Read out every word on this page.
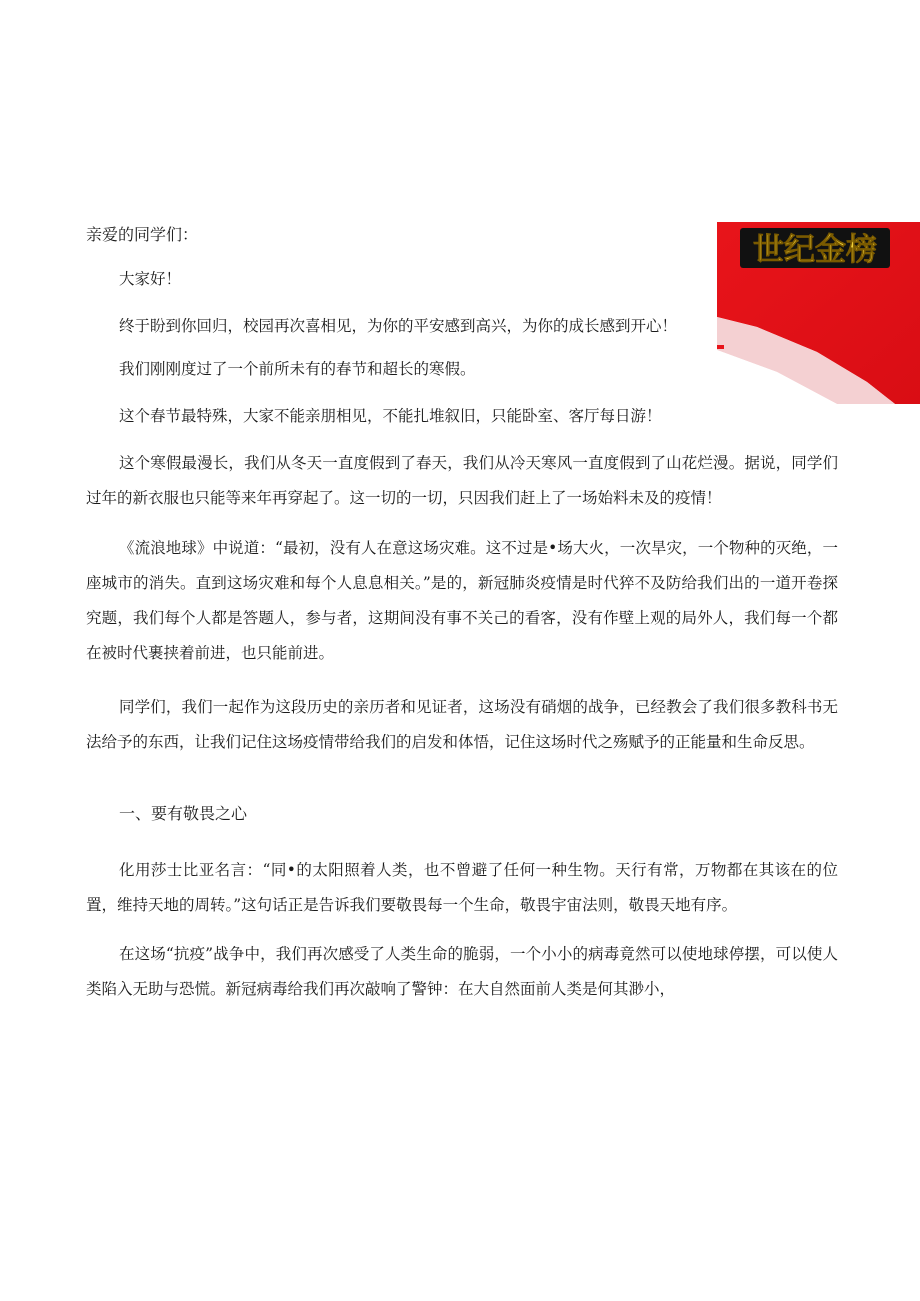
世纪金榜

亲爱的同学们：

大家好！

终于盼到你回归，校园再次喜相见，为你的平安感到高兴，为你的成长感到开心！

我们刚刚度过了一个前所未有的春节和超长的寒假。

这个春节最特殊，大家不能亲朋相见，不能扎堆叙旧，只能卧室、客厅每日游！

这个寒假最漫长，我们从冬天一直度假到了春天，我们从冷天寒风一直度假到了山花烂漫。据说，同学们过年的新衣服也只能等来年再穿起了。这一切的一切，只因我们赶上了一场始料未及的疫情！

《流浪地球》中说道：“最初，没有人在意这场灾难。这不过是•场大火，一次旱灾，一个物种的灭绝，一座城市的消失。直到这场灾难和每个人息息相关。”是的，新冠肺炎疫情是时代猝不及防给我们出的一道开卷探究题，我们每个人都是答题人，参与者，这期间没有事不关己的看客，没有作壁上观的局外人，我们每一个都在被时代裹挟着前进，也只能前进。

同学们，我们一起作为这段历史的亲历者和见证者，这场没有硝烟的战争，已经教会了我们很多教科书无法给予的东西，让我们记住这场疫情带给我们的启发和体悟，记住这场时代之殇赋予的正能量和生命反思。

一、要有敬畏之心

化用莎士比亚名言：“同•的太阳照着人类，也不曾避了任何一种生物。天行有常，万物都在其该在的位置，维持天地的周转。”这句话正是告诉我们要敬畏每一个生命，敬畏宇宙法则，敬畏天地有序。

在这场“抗疫”战争中，我们再次感受了人类生命的脆弱，一个小小的病毒竟然可以使地球停摆，可以使人类陷入无助与恐慌。新冠病毒给我们再次敲响了警钟：在大自然面前人类是何其渺小，
